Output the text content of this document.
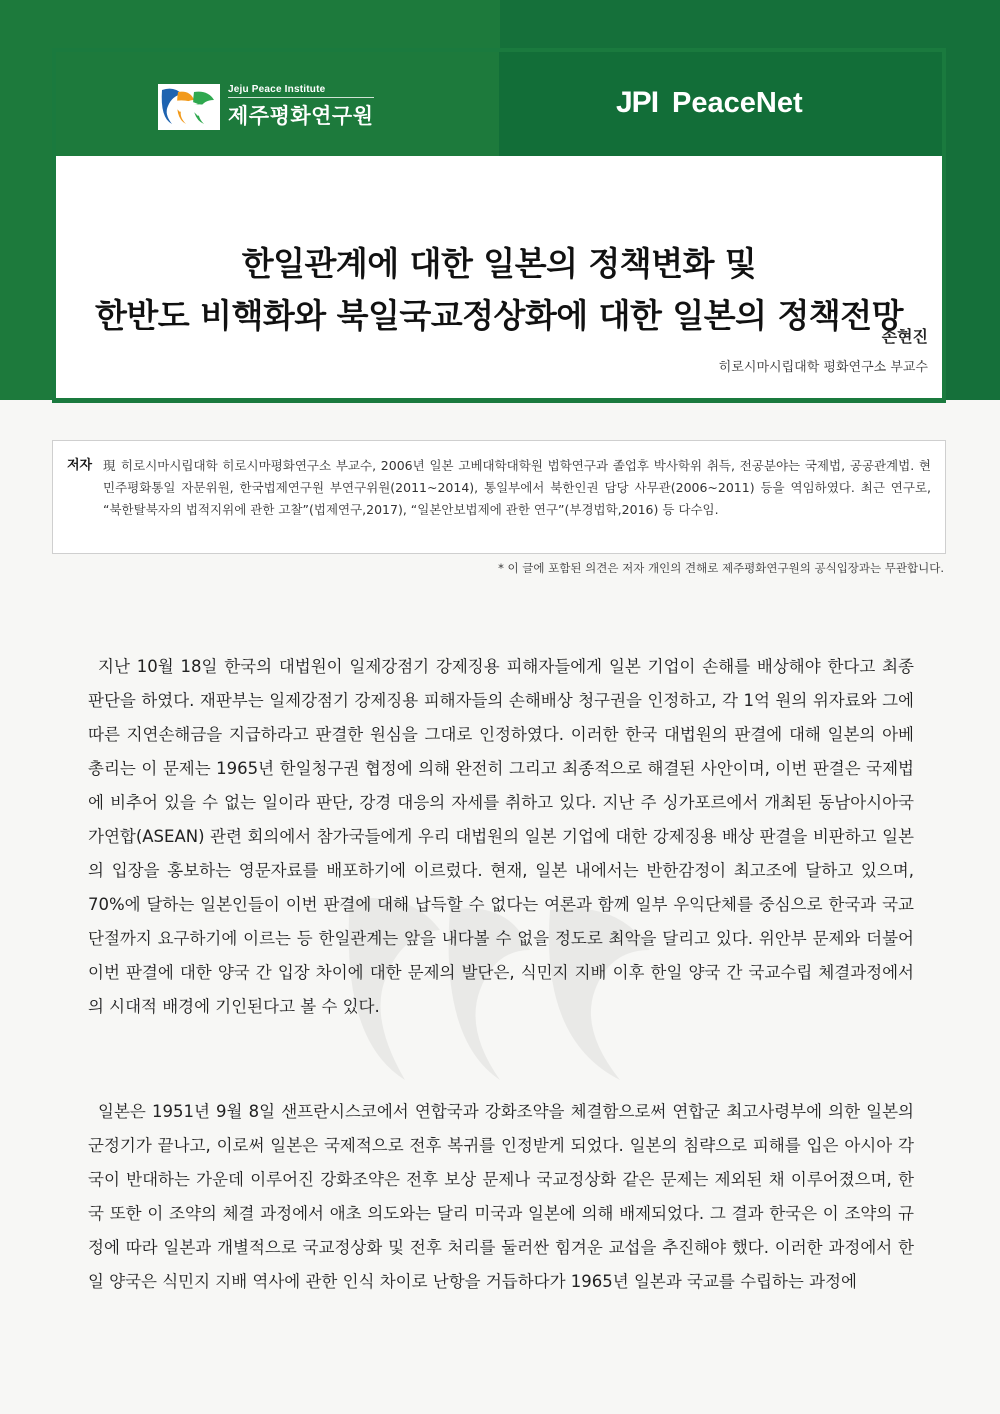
Jeju Peace Institute
제주평화연구원	JPI PeaceNet
한일관계에 대한 일본의 정책변화 및
한반도 비핵화와 북일국교정상화에 대한 일본의 정책전망
손현진
히로시마시립대학 평화연구소 부교수
저자 現 히로시마시립대학 히로시마평화연구소 부교수, 2006년 일본 고베대학대학원 법학연구과 졸업후 박사학위 취득, 전공분야는 국제법, 공공관계법. 현 민주평화통일 자문위원, 한국법제연구원 부연구위원(2011~2014), 통일부에서 북한인권 담당 사무관(2006~2011) 등을 역임하였다. 최근 연구로, “북한탈북자의 법적지위에 관한 고찰”(법제연구,2017), “일본안보법제에 관한 연구”(부경법학,2016) 등 다수임.
* 이 글에 포함된 의견은 저자 개인의 견해로 제주평화연구원의 공식입장과는 무관합니다.

지난 10월 18일 한국의 대법원이 일제강점기 강제징용 피해자들에게 일본 기업이 손해를 배상해야 한다고 최종 판단을 하였다. 재판부는 일제강점기 강제징용 피해자들의 손해배상 청구권을 인정하고, 각 1억 원의 위자료와 그에 따른 지연손해금을 지급하라고 판결한 원심을 그대로 인정하였다. 이러한 한국 대법원의 판결에 대해 일본의 아베 총리는 이 문제는 1965년 한일청구권 협정에 의해 완전히 그리고 최종적으로 해결된 사안이며, 이번 판결은 국제법에 비추어 있을 수 없는 일이라 판단, 강경 대응의 자세를 취하고 있다. 지난 주 싱가포르에서 개최된 동남아시아국가연합(ASEAN) 관련 회의에서 참가국들에게 우리 대법원의 일본 기업에 대한 강제징용 배상 판결을 비판하고 일본의 입장을 홍보하는 영문자료를 배포하기에 이르렀다. 현재, 일본 내에서는 반한감정이 최고조에 달하고 있으며, 70%에 달하는 일본인들이 이번 판결에 대해 납득할 수 없다는 여론과 함께 일부 우익단체를 중심으로 한국과 국교단절까지 요구하기에 이르는 등 한일관계는 앞을 내다볼 수 없을 정도로 최악을 달리고 있다. 위안부 문제와 더불어 이번 판결에 대한 양국 간 입장 차이에 대한 문제의 발단은, 식민지 지배 이후 한일 양국 간 국교수립 체결과정에서의 시대적 배경에 기인된다고 볼 수 있다.

일본은 1951년 9월 8일 샌프란시스코에서 연합국과 강화조약을 체결함으로써 연합군 최고사령부에 의한 일본의 군정기가 끝나고, 이로써 일본은 국제적으로 전후 복귀를 인정받게 되었다. 일본의 침략으로 피해를 입은 아시아 각국이 반대하는 가운데 이루어진 강화조약은 전후 보상 문제나 국교정상화 같은 문제는 제외된 채 이루어졌으며, 한국 또한 이 조약의 체결 과정에서 애초 의도와는 달리 미국과 일본에 의해 배제되었다. 그 결과 한국은 이 조약의 규정에 따라 일본과 개별적으로 국교정상화 및 전후 처리를 둘러싼 힘겨운 교섭을 추진해야 했다. 이러한 과정에서 한일 양국은 식민지 지배 역사에 관한 인식 차이로 난항을 거듭하다가 1965년 일본과 국교를 수립하는 과정에
